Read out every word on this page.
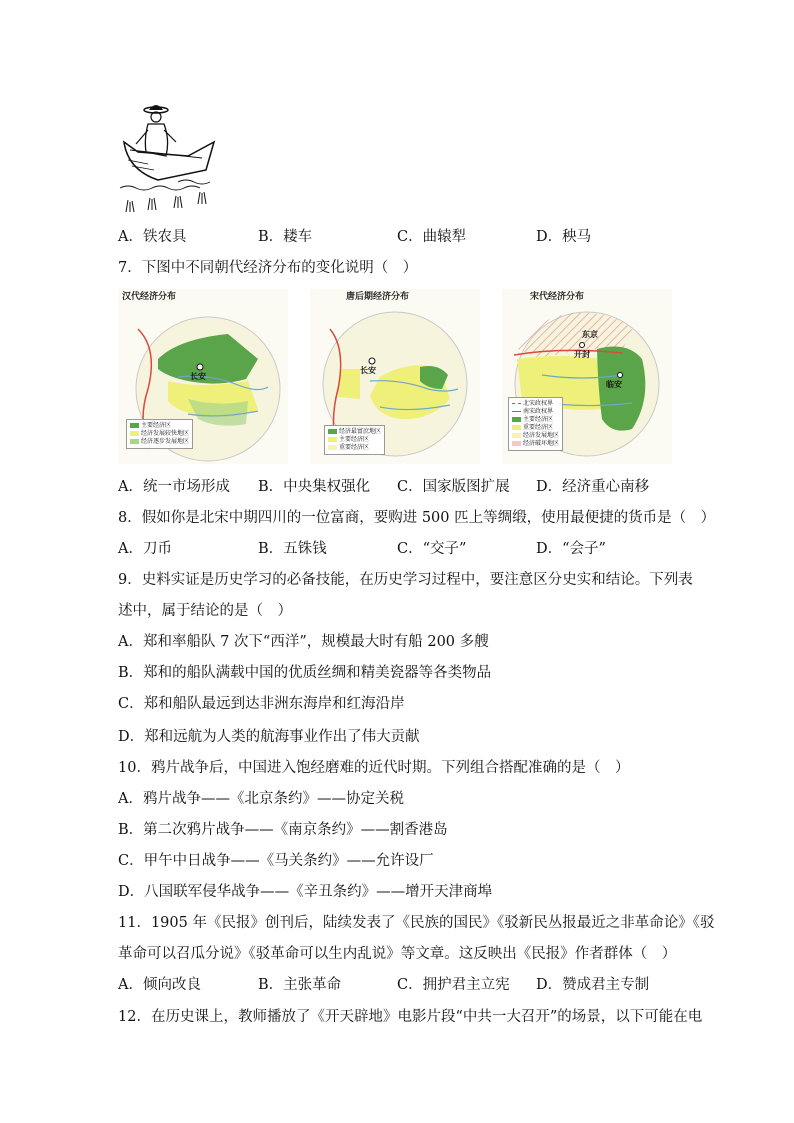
A．铁农具	B．耧车	C．曲辕犁	D．秧马
7．下图中不同朝代经济分布的变化说明（　）
汉代经济分布
长安
主要经济区
经济发展较快地区
经济逐步发展地区
唐后期经济分布
长安
经济最富庶地区
主要经济区
重要经济区
宋代经济分布
东京
开封
临安
北宋政权界
南宋政权界
主要经济区
重要经济区
经济发展地区
经济破坏地区
A．统一市场形成 B．中央集权强化 C．国家版图扩展 D．经济重心南移
8．假如你是北宋中期四川的一位富商，要购进 500 匹上等绸缎，使用最便捷的货币是（　）
A．刀币	B．五铢钱	C．“交子”	D．“会子”
9．史料实证是历史学习的必备技能，在历史学习过程中，要注意区分史实和结论。下列表
述中，属于结论的是（　）
A．郑和率船队 7 次下“西洋”，规模最大时有船 200 多艘
B．郑和的船队满载中国的优质丝绸和精美瓷器等各类物品
C．郑和船队最远到达非洲东海岸和红海沿岸
D．郑和远航为人类的航海事业作出了伟大贡献
10．鸦片战争后，中国进入饱经磨难的近代时期。下列组合搭配准确的是（　）
A．鸦片战争——《北京条约》——协定关税
B．第二次鸦片战争——《南京条约》——割香港岛
C．甲午中日战争——《马关条约》——允许设厂
D．八国联军侵华战争——《辛丑条约》——增开天津商埠
11．1905 年《民报》创刊后，陆续发表了《民族的国民》《驳新民丛报最近之非革命论》《驳
革命可以召瓜分说》《驳革命可以生内乱说》等文章。这反映出《民报》作者群体（　）
A．倾向改良	B．主张革命	C．拥护君主立宪 D．赞成君主专制
12．在历史课上，教师播放了《开天辟地》电影片段“中共一大召开”的场景，以下可能在电
